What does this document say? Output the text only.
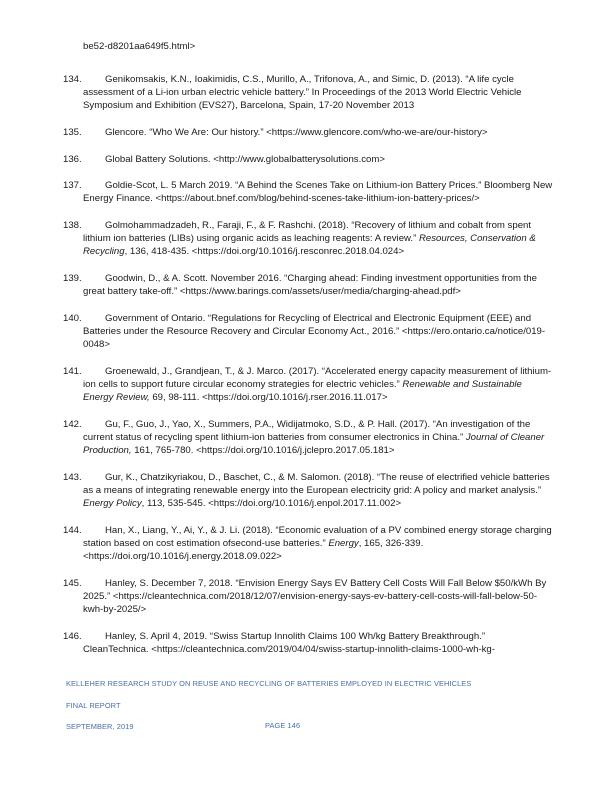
be52-d8201aa649f5.html>
134.	Genikomsakis, K.N., Ioakimidis, C.S., Murillo, A., Trifonova, A., and Simic, D. (2013). “A life cycle assessment of a Li-ion urban electric vehicle battery.” In Proceedings of the 2013 World Electric Vehicle Symposium and Exhibition (EVS27), Barcelona, Spain, 17-20 November 2013
135.	Glencore. “Who We Are: Our history.” <https://www.glencore.com/who-we-are/our-history>
136.	Global Battery Solutions. <http://www.globalbatterysolutions.com>
137.	Goldie-Scot, L. 5 March 2019. “A Behind the Scenes Take on Lithium-ion Battery Prices.” Bloomberg New Energy Finance. <https://about.bnef.com/blog/behind-scenes-take-lithium-ion-battery-prices/>
138.	Golmohammadzadeh, R., Faraji, F., & F. Rashchi. (2018). “Recovery of lithium and cobalt from spent lithium ion batteries (LIBs) using organic acids as leaching reagents: A review.” Resources, Conservation & Recycling, 136, 418-435. <https://doi.org/10.1016/j.resconrec.2018.04.024>
139.	Goodwin, D., & A. Scott. November 2016. “Charging ahead: Finding investment opportunities from the great battery take-off.” <https://www.barings.com/assets/user/media/charging-ahead.pdf>
140.	Government of Ontario. “Regulations for Recycling of Electrical and Electronic Equipment (EEE) and Batteries under the Resource Recovery and Circular Economy Act., 2016.” <https://ero.ontario.ca/notice/019-0048>
141.	Groenewald, J., Grandjean, T., & J. Marco. (2017). “Accelerated energy capacity measurement of lithium-ion cells to support future circular economy strategies for electric vehicles.” Renewable and Sustainable Energy Review, 69, 98-111. <https://doi.org/10.1016/j.rser.2016.11.017>
142.	Gu, F., Guo, J., Yao, X., Summers, P.A., Widijatmoko, S.D., & P. Hall. (2017). “An investigation of the current status of recycling spent lithium-ion batteries from consumer electronics in China.” Journal of Cleaner Production, 161, 765-780. <https://doi.org/10.1016/j.jclepro.2017.05.181>
143.	Gur, K., Chatzikyriakou, D., Baschet, C., & M. Salomon. (2018). “The reuse of electrified vehicle batteries as a means of integrating renewable energy into the European electricity grid: A policy and market analysis.” Energy Policy, 113, 535-545. <https://doi.org/10.1016/j.enpol.2017.11.002>
144.	Han, X., Liang, Y., Ai, Y., & J. Li. (2018). “Economic evaluation of a PV combined energy storage charging station based on cost estimation ofsecond-use batteries.” Energy, 165, 326-339. <https://doi.org/10.1016/j.energy.2018.09.022>
145.	Hanley, S. December 7, 2018. “Envision Energy Says EV Battery Cell Costs Will Fall Below $50/kWh By 2025.” <https://cleantechnica.com/2018/12/07/envision-energy-says-ev-battery-cell-costs-will-fall-below-50-kwh-by-2025/>
146.	Hanley, S. April 4, 2019. “Swiss Startup Innolith Claims 100 Wh/kg Battery Breakthrough.” CleanTechnica. <https://cleantechnica.com/2019/04/04/swiss-startup-innolith-claims-1000-wh-kg-
KELLEHER RESEARCH STUDY ON REUSE AND RECYCLING OF BATTERIES EMPLOYED IN ELECTRIC VEHICLES
FINAL REPORT
SEPTEMBER, 2019	PAGE 146
